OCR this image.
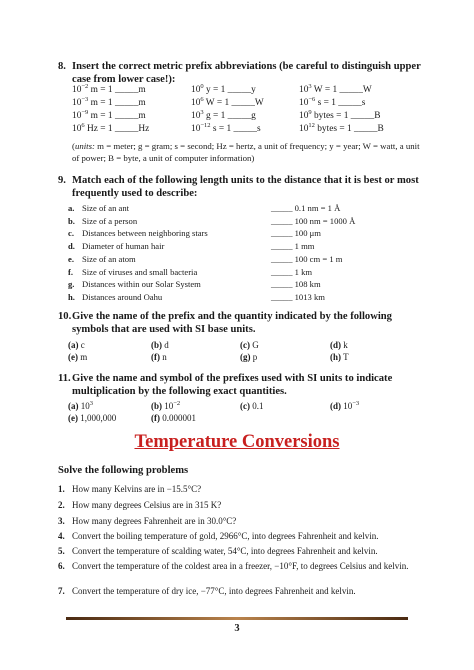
8. Insert the correct metric prefix abbreviations (be careful to distinguish upper case from lower case!):
$10^{-2}$ m = 1 _____m	$10^0$ y = 1 _____y	$10^3$ W = 1 _____W
$10^{-3}$ m = 1 _____m	$10^6$ W = 1 _____W	$10^{-6}$ s = 1 _____s
$10^{-9}$ m = 1 _____m	$10^3$ g = 1 _____g	$10^9$ bytes = 1 _____B
$10^6$ Hz = 1 _____Hz	$10^{-12}$ s = 1 _____s	$10^{12}$ bytes = 1 _____B
(units: m = meter; g = gram; s = second; Hz = hertz, a unit of frequency; y = year; W = watt, a unit of power; B = byte, a unit of computer information)
9. Match each of the following length units to the distance that it is best or most frequently used to describe:
a. Size of an ant	_____ 0.1 nm = 1 Å
b. Size of a person	_____ 100 nm = 1000 Å
c. Distances between neighboring stars	_____ 100 μm
d. Diameter of human hair	_____ 1 mm
e. Size of an atom	_____ 100 cm = 1 m
f. Size of viruses and small bacteria	_____ 1 km
g. Distances within our Solar System	_____ 108 km
h. Distances around Oahu	_____ 1013 km
10. Give the name of the prefix and the quantity indicated by the following symbols that are used with SI base units.
(a) c	(b) d	(c) G	(d) k
(e) m	(f) n	(g) p	(h) T
11. Give the name and symbol of the prefixes used with SI units to indicate multiplication by the following exact quantities.
(a) $10^3$	(b) $10^{-2}$	(c) 0.1	(d) $10^{-3}$
(e) 1,000,000	(f) 0.000001
Temperature Conversions
Solve the following problems
1. How many Kelvins are in −15.5°C?
2. How many degrees Celsius are in 315 K?
3. How many degrees Fahrenheit are in 30.0°C?
4. Convert the boiling temperature of gold, 2966°C, into degrees Fahrenheit and kelvin.
5. Convert the temperature of scalding water, 54°C, into degrees Fahrenheit and kelvin.
6. Convert the temperature of the coldest area in a freezer, −10°F, to degrees Celsius and kelvin.
7. Convert the temperature of dry ice, −77°C, into degrees Fahrenheit and kelvin.
3
